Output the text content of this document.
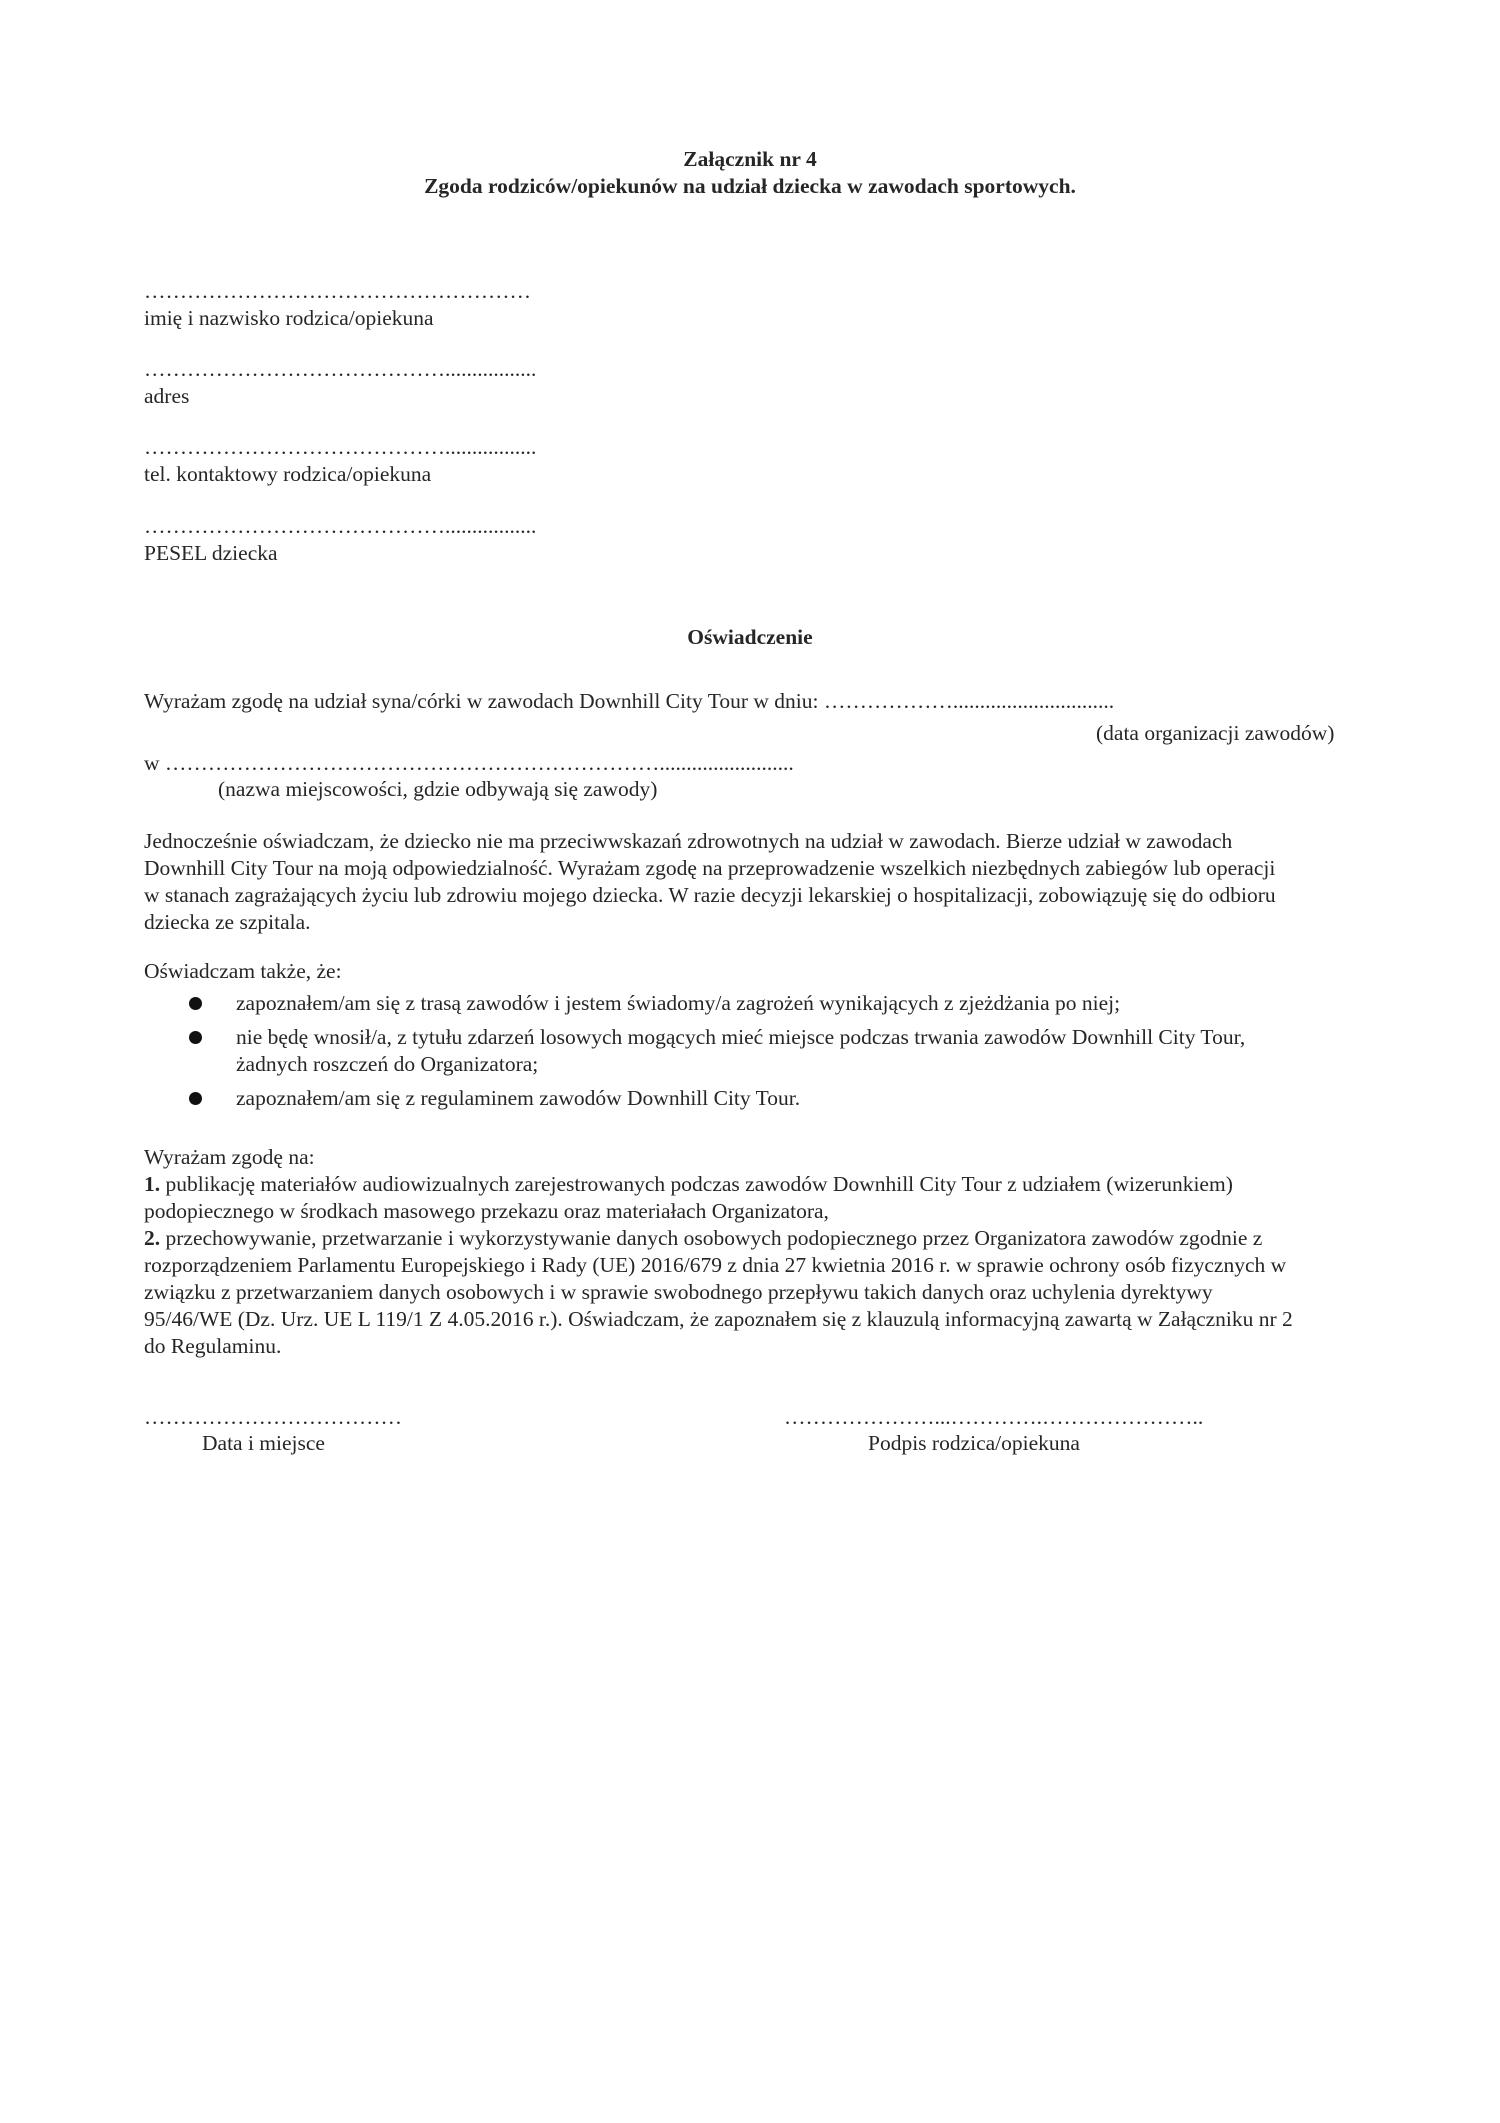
Załącznik nr 4
Zgoda rodziców/opiekunów na udział dziecka w zawodach sportowych.
………………………………………………
imię i nazwisko rodzica/opiekuna
…………………………………….................
adres
…………………………………….................
tel. kontaktowy rodzica/opiekuna
…………………………………….................
PESEL dziecka
Oświadczenie
Wyrażam zgodę na udział syna/córki w zawodach Downhill City Tour w dniu: ………………..............................
(data organizacji zawodów)
w …………………………………………………………….........................
(nazwa miejscowości, gdzie odbywają się zawody)
Jednocześnie oświadczam, że dziecko nie ma przeciwwskazań zdrowotnych na udział w zawodach. Bierze udział w zawodach
Downhill City Tour na moją odpowiedzialność. Wyrażam zgodę na przeprowadzenie wszelkich niezbędnych zabiegów lub operacji
w stanach zagrażających życiu lub zdrowiu mojego dziecka. W razie decyzji lekarskiej o hospitalizacji, zobowiązuję się do odbioru
dziecka ze szpitala.
Oświadczam także, że:
zapoznałem/am się z trasą zawodów i jestem świadomy/a zagrożeń wynikających z zjeżdżania po niej;
nie będę wnosił/a, z tytułu zdarzeń losowych mogących mieć miejsce podczas trwania zawodów Downhill City Tour,
żadnych roszczeń do Organizatora;
zapoznałem/am się z regulaminem zawodów Downhill City Tour.
Wyrażam zgodę na:
1. publikację materiałów audiowizualnych zarejestrowanych podczas zawodów Downhill City Tour z udziałem (wizerunkiem)
podopiecznego w środkach masowego przekazu oraz materiałach Organizatora,
2. przechowywanie, przetwarzanie i wykorzystywanie danych osobowych podopiecznego przez Organizatora zawodów zgodnie z
rozporządzeniem Parlamentu Europejskiego i Rady (UE) 2016/679 z dnia 27 kwietnia 2016 r. w sprawie ochrony osób fizycznych w
związku z przetwarzaniem danych osobowych i w sprawie swobodnego przepływu takich danych oraz uchylenia dyrektywy
95/46/WE (Dz. Urz. UE L 119/1 Z 4.05.2016 r.). Oświadczam, że zapoznałem się z klauzulą informacyjną zawartą w Załączniku nr 2
do Regulaminu.
………………………………
Data i miejsce
…………………...………….…………………..
Podpis rodzica/opiekuna
